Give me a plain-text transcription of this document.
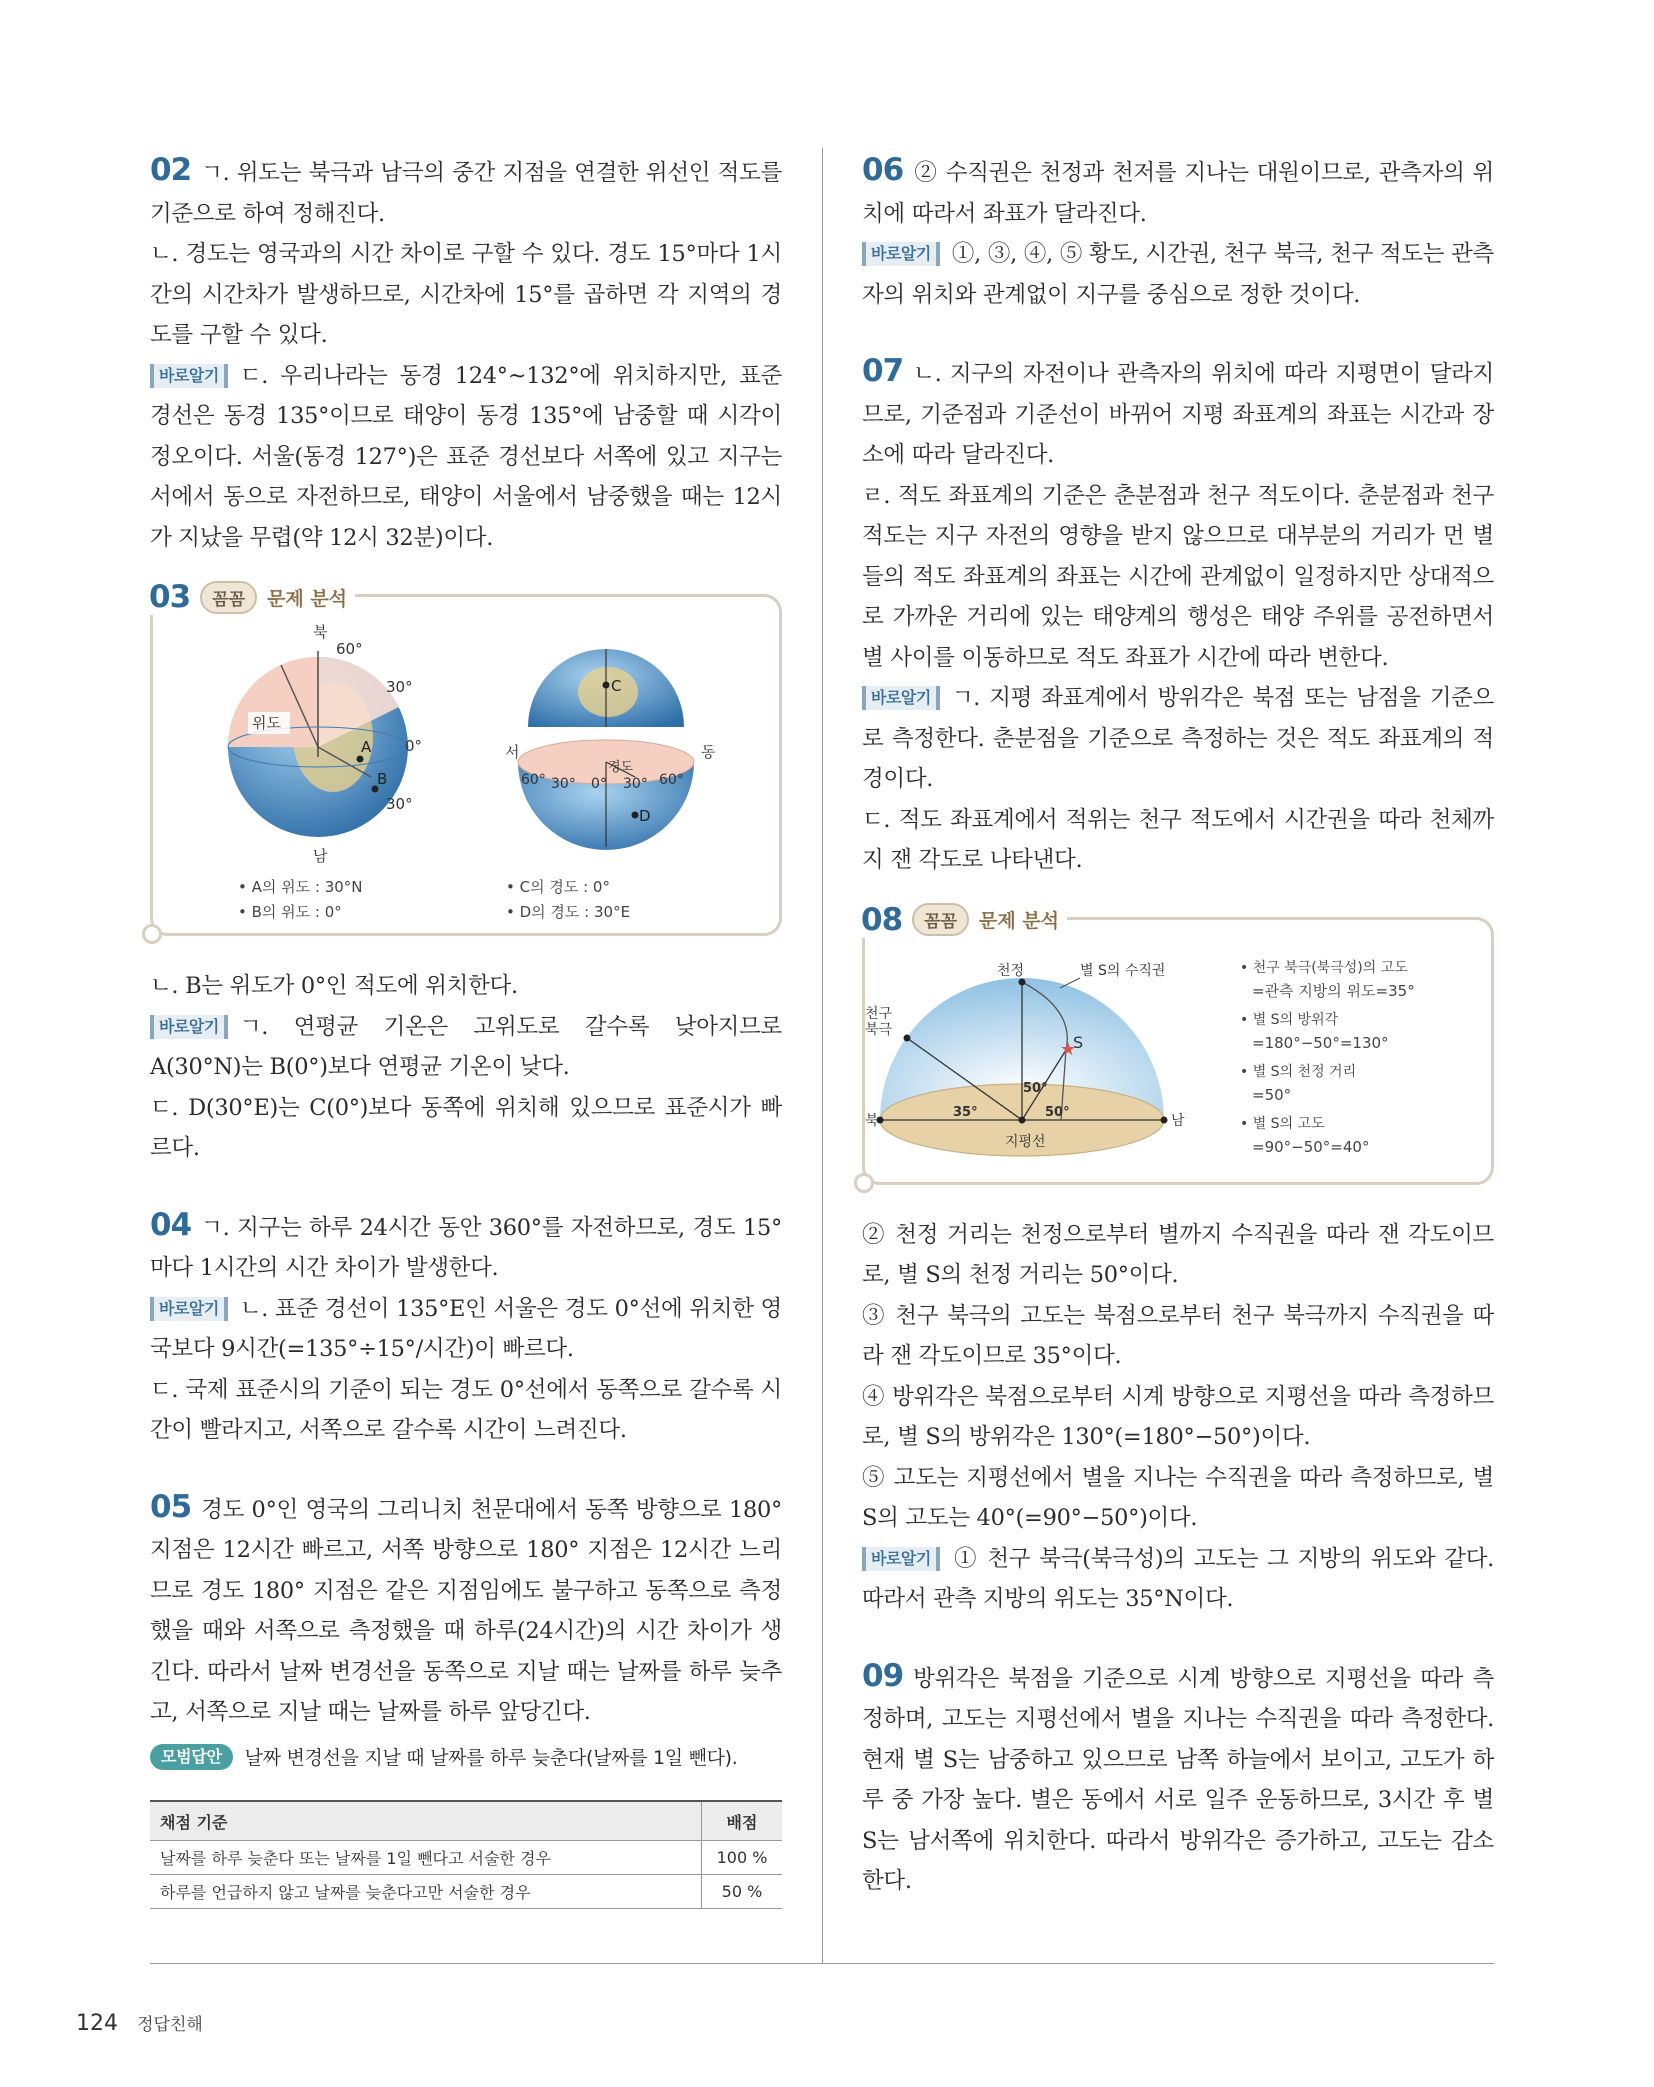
02 ㄱ. 위도는 북극과 남극의 중간 지점을 연결한 위선인 적도를 기준으로 하여 정해진다.

ㄴ. 경도는 영국과의 시간 차이로 구할 수 있다. 경도 15°마다 1시간의 시간차가 발생하므로, 시간차에 15°를 곱하면 각 지역의 경도를 구할 수 있다.

바로알기 ㄷ. 우리나라는 동경 124°~132°에 위치하지만, 표준 경선은 동경 135°이므로 태양이 동경 135°에 남중할 때 시각이 정오이다. 서울(동경 127°)은 표준 경선보다 서쪽에 있고 지구는 서에서 동으로 자전하므로, 태양이 서울에서 남중했을 때는 12시가 지났을 무렵(약 12시 32분)이다.

03	꼼꼼	문제 분석
북
60°
30°
0°
30°
위도
A
B
남
• A의 위도 : 30°N
• B의 위도 : 0°
C
서	동
경도
60° 30° 0° 30° 60°
D
• C의 경도 : 0°
• D의 경도 : 30°E

ㄴ. B는 위도가 0°인 적도에 위치한다.

바로알기 ㄱ. 연평균 기온은 고위도로 갈수록 낮아지므로 A(30°N)는 B(0°)보다 연평균 기온이 낮다.

ㄷ. D(30°E)는 C(0°)보다 동쪽에 위치해 있으므로 표준시가 빠르다.

04 ㄱ. 지구는 하루 24시간 동안 360°를 자전하므로, 경도 15°마다 1시간의 시간 차이가 발생한다.

바로알기 ㄴ. 표준 경선이 135°E인 서울은 경도 0°선에 위치한 영국보다 9시간(=135°÷15°/시간)이 빠르다.

ㄷ. 국제 표준시의 기준이 되는 경도 0°선에서 동쪽으로 갈수록 시간이 빨라지고, 서쪽으로 갈수록 시간이 느려진다.

05 경도 0°인 영국의 그리니치 천문대에서 동쪽 방향으로 180° 지점은 12시간 빠르고, 서쪽 방향으로 180° 지점은 12시간 느리므로 경도 180° 지점은 같은 지점임에도 불구하고 동쪽으로 측정했을 때와 서쪽으로 측정했을 때 하루(24시간)의 시간 차이가 생긴다. 따라서 날짜 변경선을 동쪽으로 지날 때는 날짜를 하루 늦추고, 서쪽으로 지날 때는 날짜를 하루 앞당긴다.

모범답안 날짜 변경선을 지날 때 날짜를 하루 늦춘다(날짜를 1일 뺀다).

채점 기준	배점
날짜를 하루 늦춘다 또는 날짜를 1일 뺀다고 서술한 경우	100 %
하루를 언급하지 않고 날짜를 늦춘다고만 서술한 경우	50 %

06 ② 수직권은 천정과 천저를 지나는 대원이므로, 관측자의 위치에 따라서 좌표가 달라진다.

바로알기 ①, ③, ④, ⑤ 황도, 시간권, 천구 북극, 천구 적도는 관측자의 위치와 관계없이 지구를 중심으로 정한 것이다.

07 ㄴ. 지구의 자전이나 관측자의 위치에 따라 지평면이 달라지므로, 기준점과 기준선이 바뀌어 지평 좌표계의 좌표는 시간과 장소에 따라 달라진다.

ㄹ. 적도 좌표계의 기준은 춘분점과 천구 적도이다. 춘분점과 천구 적도는 지구 자전의 영향을 받지 않으므로 대부분의 거리가 먼 별들의 적도 좌표계의 좌표는 시간에 관계없이 일정하지만 상대적으로 가까운 거리에 있는 태양계의 행성은 태양 주위를 공전하면서 별 사이를 이동하므로 적도 좌표가 시간에 따라 변한다.

바로알기 ㄱ. 지평 좌표계에서 방위각은 북점 또는 남점을 기준으로 측정한다. 춘분점을 기준으로 측정하는 것은 적도 좌표계의 적경이다.

ㄷ. 적도 좌표계에서 적위는 천구 적도에서 시간권을 따라 천체까지 잰 각도로 나타낸다.

08	꼼꼼	문제 분석
★
천정	별 S의 수직권
천구
북극
S
50°
35°	50°
북	남
지평선
• 천구 북극(북극성)의 고도
=관측 지방의 위도=35°
• 별 S의 방위각
=180°−50°=130°
• 별 S의 천정 거리
=50°
• 별 S의 고도
=90°−50°=40°

② 천정 거리는 천정으로부터 별까지 수직권을 따라 잰 각도이므로, 별 S의 천정 거리는 50°이다.

③ 천구 북극의 고도는 북점으로부터 천구 북극까지 수직권을 따라 잰 각도이므로 35°이다.

④ 방위각은 북점으로부터 시계 방향으로 지평선을 따라 측정하므로, 별 S의 방위각은 130°(=180°−50°)이다.

⑤ 고도는 지평선에서 별을 지나는 수직권을 따라 측정하므로, 별 S의 고도는 40°(=90°−50°)이다.

바로알기 ① 천구 북극(북극성)의 고도는 그 지방의 위도와 같다. 따라서 관측 지방의 위도는 35°N이다.

09 방위각은 북점을 기준으로 시계 방향으로 지평선을 따라 측정하며, 고도는 지평선에서 별을 지나는 수직권을 따라 측정한다. 현재 별 S는 남중하고 있으므로 남쪽 하늘에서 보이고, 고도가 하루 중 가장 높다. 별은 동에서 서로 일주 운동하므로, 3시간 후 별 S는 남서쪽에 위치한다. 따라서 방위각은 증가하고, 고도는 감소한다.

124 정답친해
